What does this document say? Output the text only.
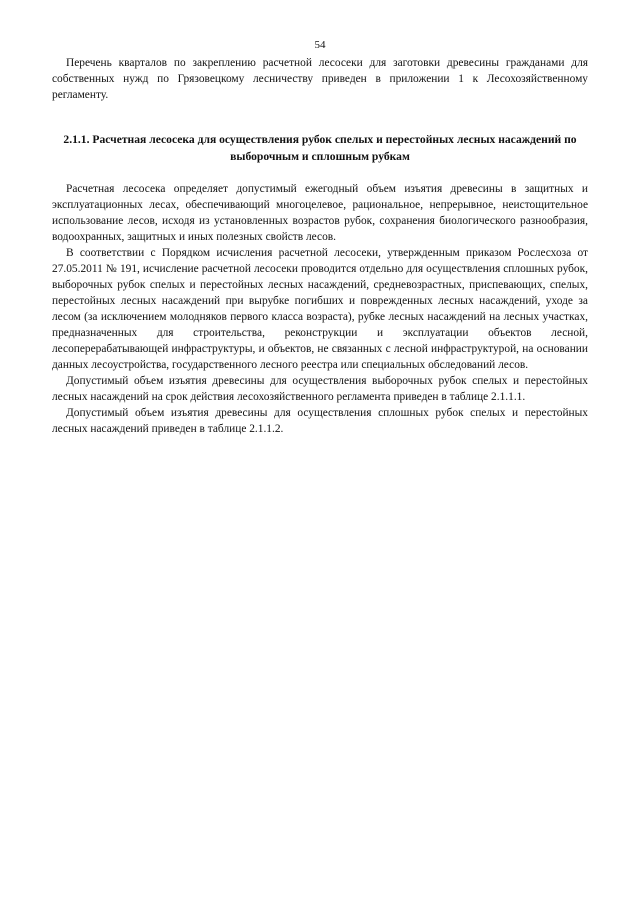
54

Перечень кварталов по закреплению расчетной лесосеки для заготовки древесины гражданами для собственных нужд по Грязовецкому лесничеству приведен в приложении 1 к Лесохозяйственному регламенту.

2.1.1. Расчетная лесосека для осуществления рубок спелых и перестойных лесных насаждений по выборочным и сплошным рубкам

Расчетная лесосека определяет допустимый ежегодный объем изъятия древесины в защитных и эксплуатационных лесах, обеспечивающий многоцелевое, рациональное, непрерывное, неистощительное использование лесов, исходя из установленных возрастов рубок, сохранения биологического разнообразия, водоохранных, защитных и иных полезных свойств лесов.

В соответствии с Порядком исчисления расчетной лесосеки, утвержденным приказом Рослесхоза от 27.05.2011 № 191, исчисление расчетной лесосеки проводится отдельно для осуществления сплошных рубок, выборочных рубок спелых и перестойных лесных насаждений, средневозрастных, приспевающих, спелых, перестойных лесных насаждений при вырубке погибших и поврежденных лесных насаждений, уходе за лесом (за исключением молодняков первого класса возраста), рубке лесных насаждений на лесных участках, предназначенных для строительства, реконструкции и эксплуатации объектов лесной, лесоперерабатывающей инфраструктуры, и объектов, не связанных с лесной инфраструктурой, на основании данных лесоустройства, государственного лесного реестра или специальных обследований лесов.

Допустимый объем изъятия древесины для осуществления выборочных рубок спелых и перестойных лесных насаждений на срок действия лесохозяйственного регламента приведен в таблице 2.1.1.1.

Допустимый объем изъятия древесины для осуществления сплошных рубок спелых и перестойных лесных насаждений приведен в таблице 2.1.1.2.
